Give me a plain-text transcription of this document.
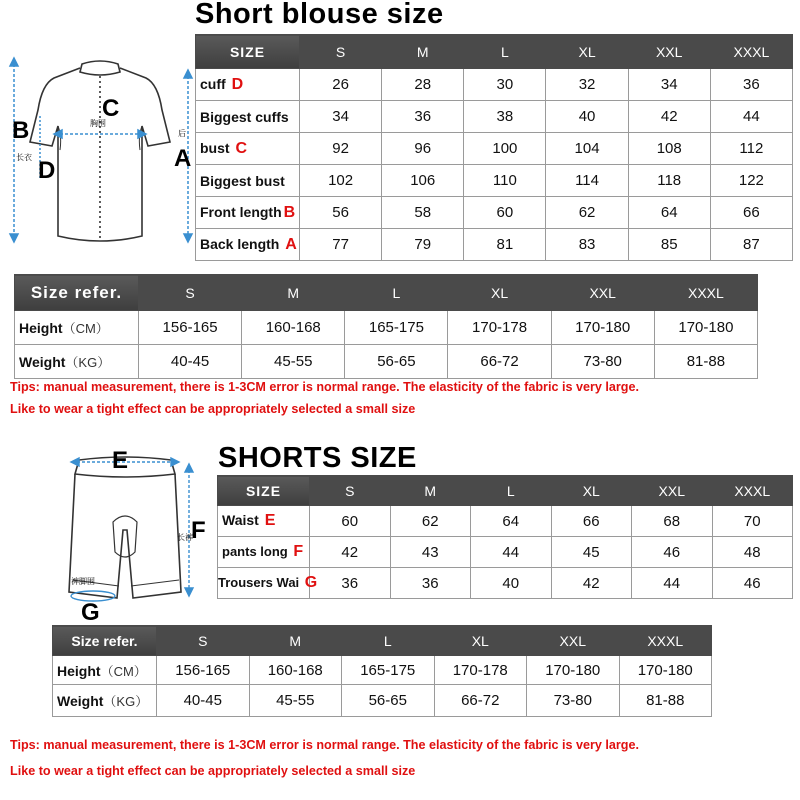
Short blouse size
B
D
C
A
胸围
长衣
后
SIZE	S	M	L	XL	XXL	XXXL
cuff D	26	28	30	32	34	36
Biggest cuffs	34	36	38	40	42	44
bust C	92	96	100	104	108	112
Biggest bust	102	106	110	114	118	122
Front length B	56	58	60	62	64	66
Back length A	77	79	81	83	85	87
Size refer.	S	M	L	XL	XXL	XXXL
Height（CM）	156-165	160-168	165-175	170-178	170-180	170-180
Weight（KG）	40-45	45-55	56-65	66-72	73-80	81-88
Tips: manual measurement, there is 1-3CM error is normal range. The elasticity of the fabric is very large.
Like to wear a tight effect can be appropriately selected a small size
SHORTS SIZE
E
F
G
长裤
裤脚围
SIZE	S	M	L	XL	XXL	XXXL
Waist E	60	62	64	66	68	70
pants long F	42	43	44	45	46	48
Trousers Wai G	36	36	40	42	44	46
Size refer.	S	M	L	XL	XXL	XXXL
Height（CM）	156-165	160-168	165-175	170-178	170-180	170-180
Weight（KG）	40-45	45-55	56-65	66-72	73-80	81-88
Tips: manual measurement, there is 1-3CM error is normal range. The elasticity of the fabric is very large.
Like to wear a tight effect can be appropriately selected a small size
